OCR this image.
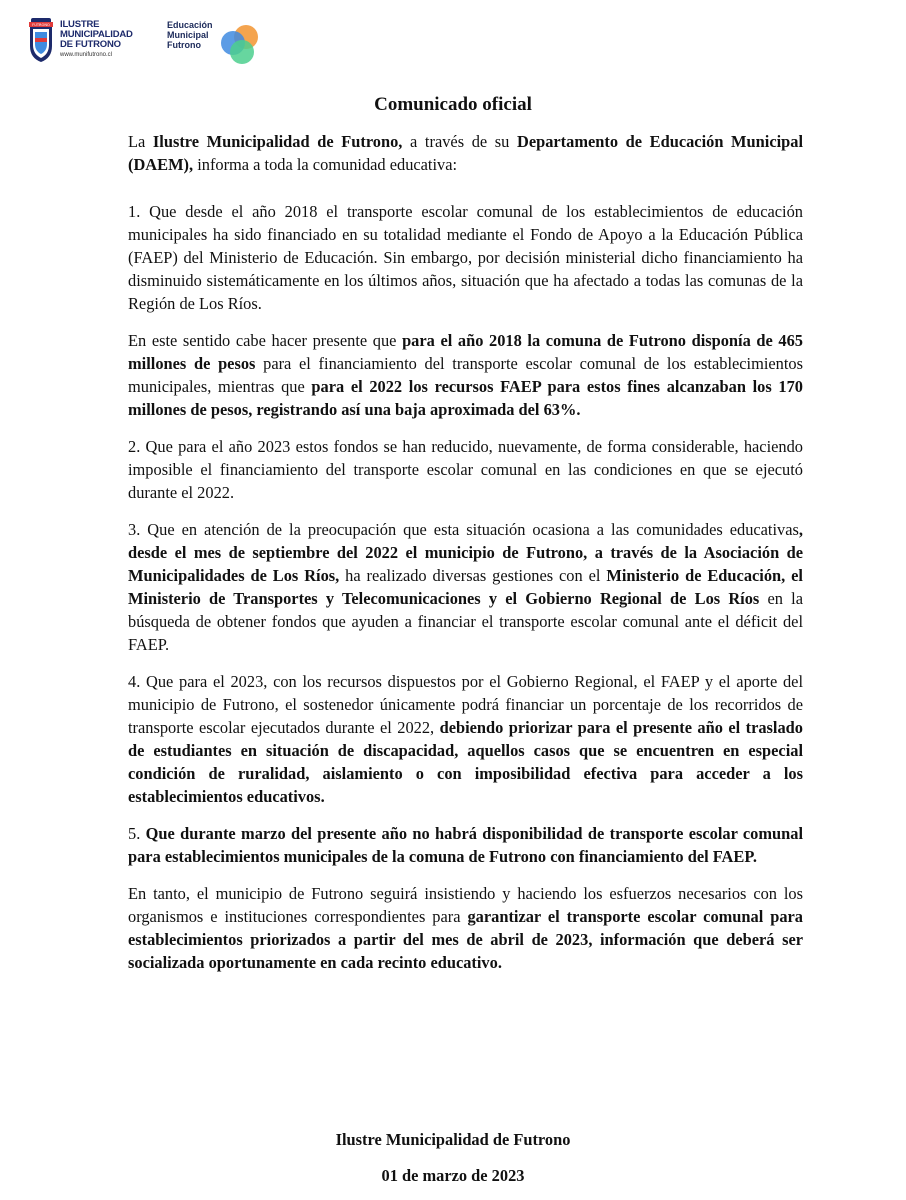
FUTRONO ILUSTRE
MUNICIPALIDAD
DE FUTRONO
www.munifutrono.cl
Educación
Municipal
Futrono
Comunicado oficial

La Ilustre Municipalidad de Futrono, a través de su Departamento de Educación Municipal (DAEM), informa a toda la comunidad educativa:

1. Que desde el año 2018 el transporte escolar comunal de los establecimientos de educación municipales ha sido financiado en su totalidad mediante el Fondo de Apoyo a la Educación Pública (FAEP) del Ministerio de Educación. Sin embargo, por decisión ministerial dicho financiamiento ha disminuido sistemáticamente en los últimos años, situación que ha afectado a todas las comunas de la Región de Los Ríos.

En este sentido cabe hacer presente que para el año 2018 la comuna de Futrono disponía de 465 millones de pesos para el financiamiento del transporte escolar comunal de los establecimientos municipales, mientras que para el 2022 los recursos FAEP para estos fines alcanzaban los 170 millones de pesos, registrando así una baja aproximada del 63%.

2. Que para el año 2023 estos fondos se han reducido, nuevamente, de forma considerable, haciendo imposible el financiamiento del transporte escolar comunal en las condiciones en que se ejecutó durante el 2022.

3. Que en atención de la preocupación que esta situación ocasiona a las comunidades educativas, desde el mes de septiembre del 2022 el municipio de Futrono, a través de la Asociación de Municipalidades de Los Ríos, ha realizado diversas gestiones con el Ministerio de Educación, el Ministerio de Transportes y Telecomunicaciones y el Gobierno Regional de Los Ríos en la búsqueda de obtener fondos que ayuden a financiar el transporte escolar comunal ante el déficit del FAEP.

4. Que para el 2023, con los recursos dispuestos por el Gobierno Regional, el FAEP y el aporte del municipio de Futrono, el sostenedor únicamente podrá financiar un porcentaje de los recorridos de transporte escolar ejecutados durante el 2022, debiendo priorizar para el presente año el traslado de estudiantes en situación de discapacidad, aquellos casos que se encuentren en especial condición de ruralidad, aislamiento o con imposibilidad efectiva para acceder a los establecimientos educativos.

5. Que durante marzo del presente año no habrá disponibilidad de transporte escolar comunal para establecimientos municipales de la comuna de Futrono con financiamiento del FAEP.

En tanto, el municipio de Futrono seguirá insistiendo y haciendo los esfuerzos necesarios con los organismos e instituciones correspondientes para garantizar el transporte escolar comunal para establecimientos priorizados a partir del mes de abril de 2023, información que deberá ser socializada oportunamente en cada recinto educativo.

Ilustre Municipalidad de Futrono
01 de marzo de 2023
